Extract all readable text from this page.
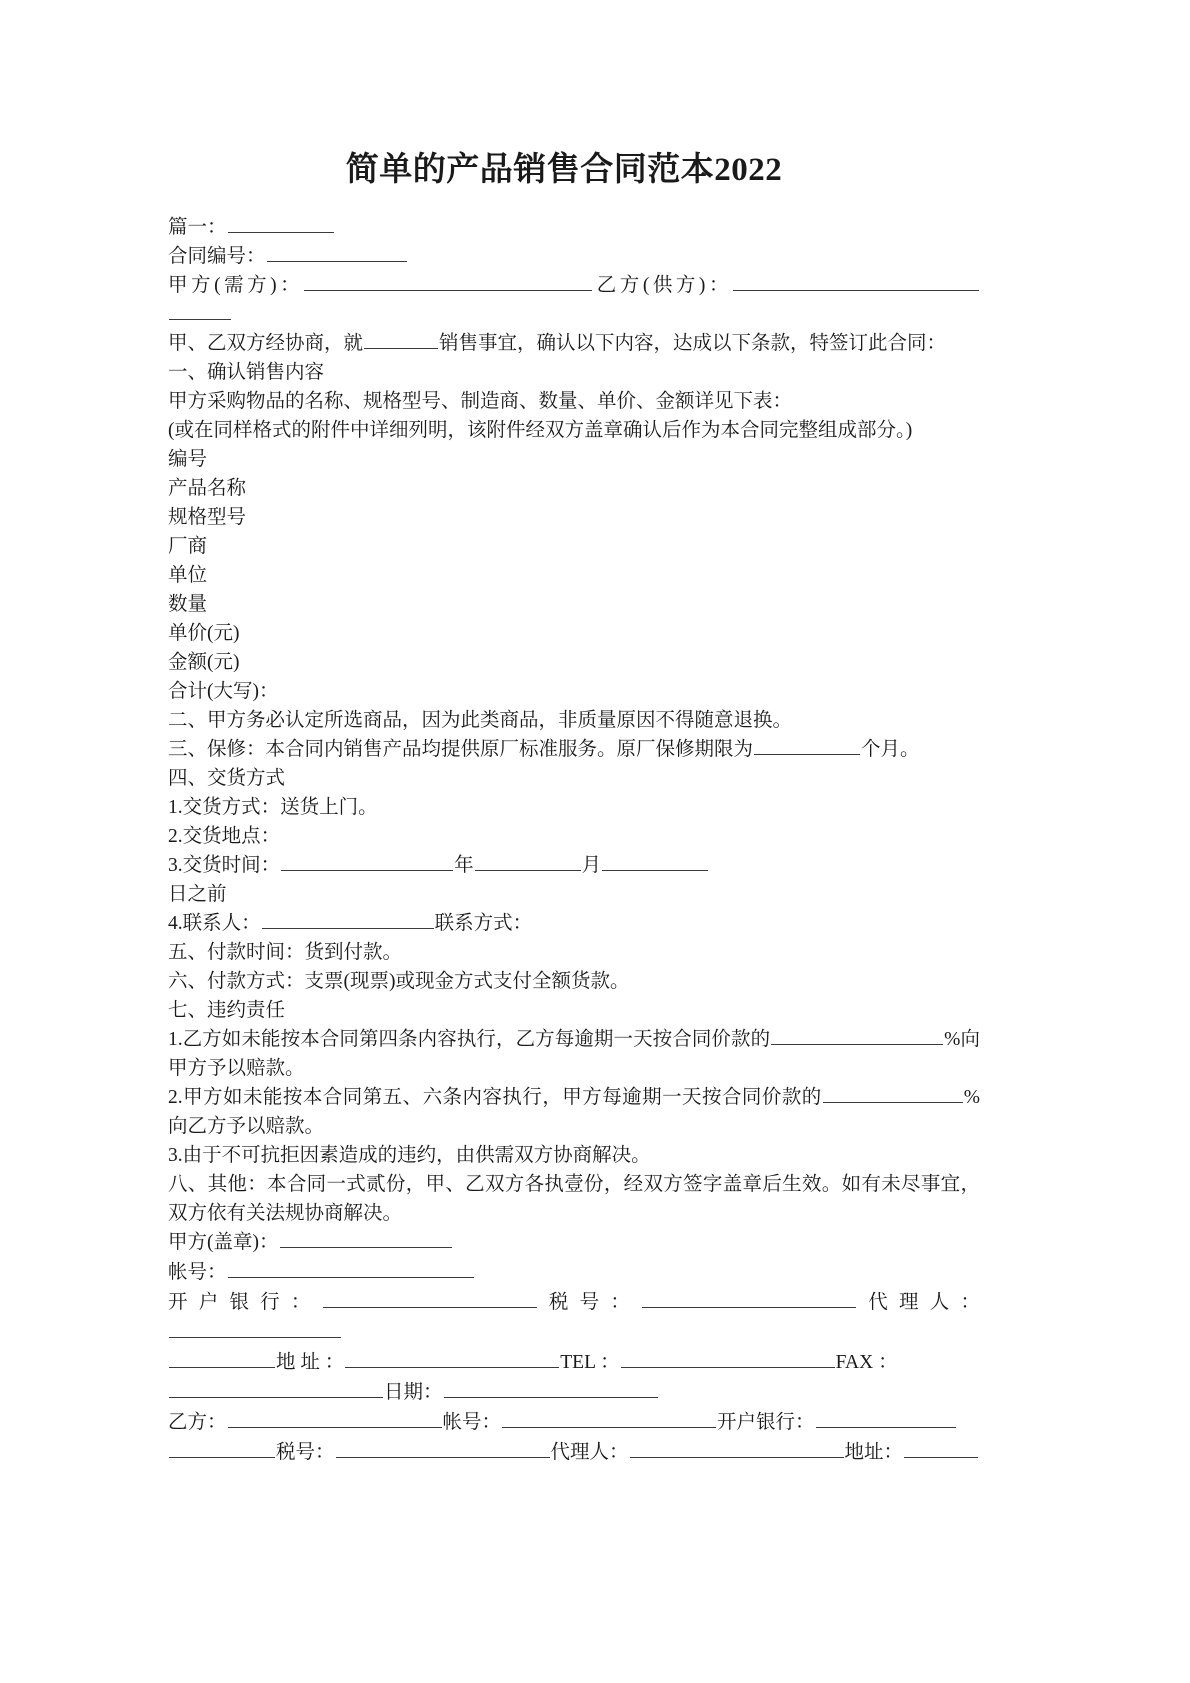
简单的产品销售合同范本2022

篇一：

合同编号：

甲方(需方)：	乙方(供方)：

甲、乙双方经协商，就	销售事宜，确认以下内容，达成以下条款，特签订此合同：

一、确认销售内容

甲方采购物品的名称、规格型号、制造商、数量、单价、金额详见下表：

(或在同样格式的附件中详细列明，该附件经双方盖章确认后作为本合同完整组成部分。)

编号

产品名称

规格型号

厂商

单位

数量

单价(元)

金额(元)

合计(大写)：

二、甲方务必认定所选商品，因为此类商品，非质量原因不得随意退换。

三、保修：本合同内销售产品均提供原厂标准服务。原厂保修期限为	个月。

四、交货方式

1.交货方式：送货上门。

2.交货地点：

3.交货时间：	年	月

日之前

4.联系人：	联系方式：

五、付款时间：货到付款。

六、付款方式：支票(现票)或现金方式支付全额货款。

七、违约责任

1.乙方如未能按本合同第四条内容执行，乙方每逾期一天按合同价款的	%向甲方予以赔款。

2.甲方如未能按本合同第五、六条内容执行，甲方每逾期一天按合同价款的	%向乙方予以赔款。

3.由于不可抗拒因素造成的违约，由供需双方协商解决。

八、其他：本合同一式贰份，甲、乙双方各执壹份，经双方签字盖章后生效。如有未尽事宜，双方依有关法规协商解决。

甲方(盖章)：

帐号：

开户银行：	税号：	代理人：

地 址 ：	TEL ：	FAX ：

日期：

乙方：	帐号：	开户银行：

税号：	代理人：	地址：
